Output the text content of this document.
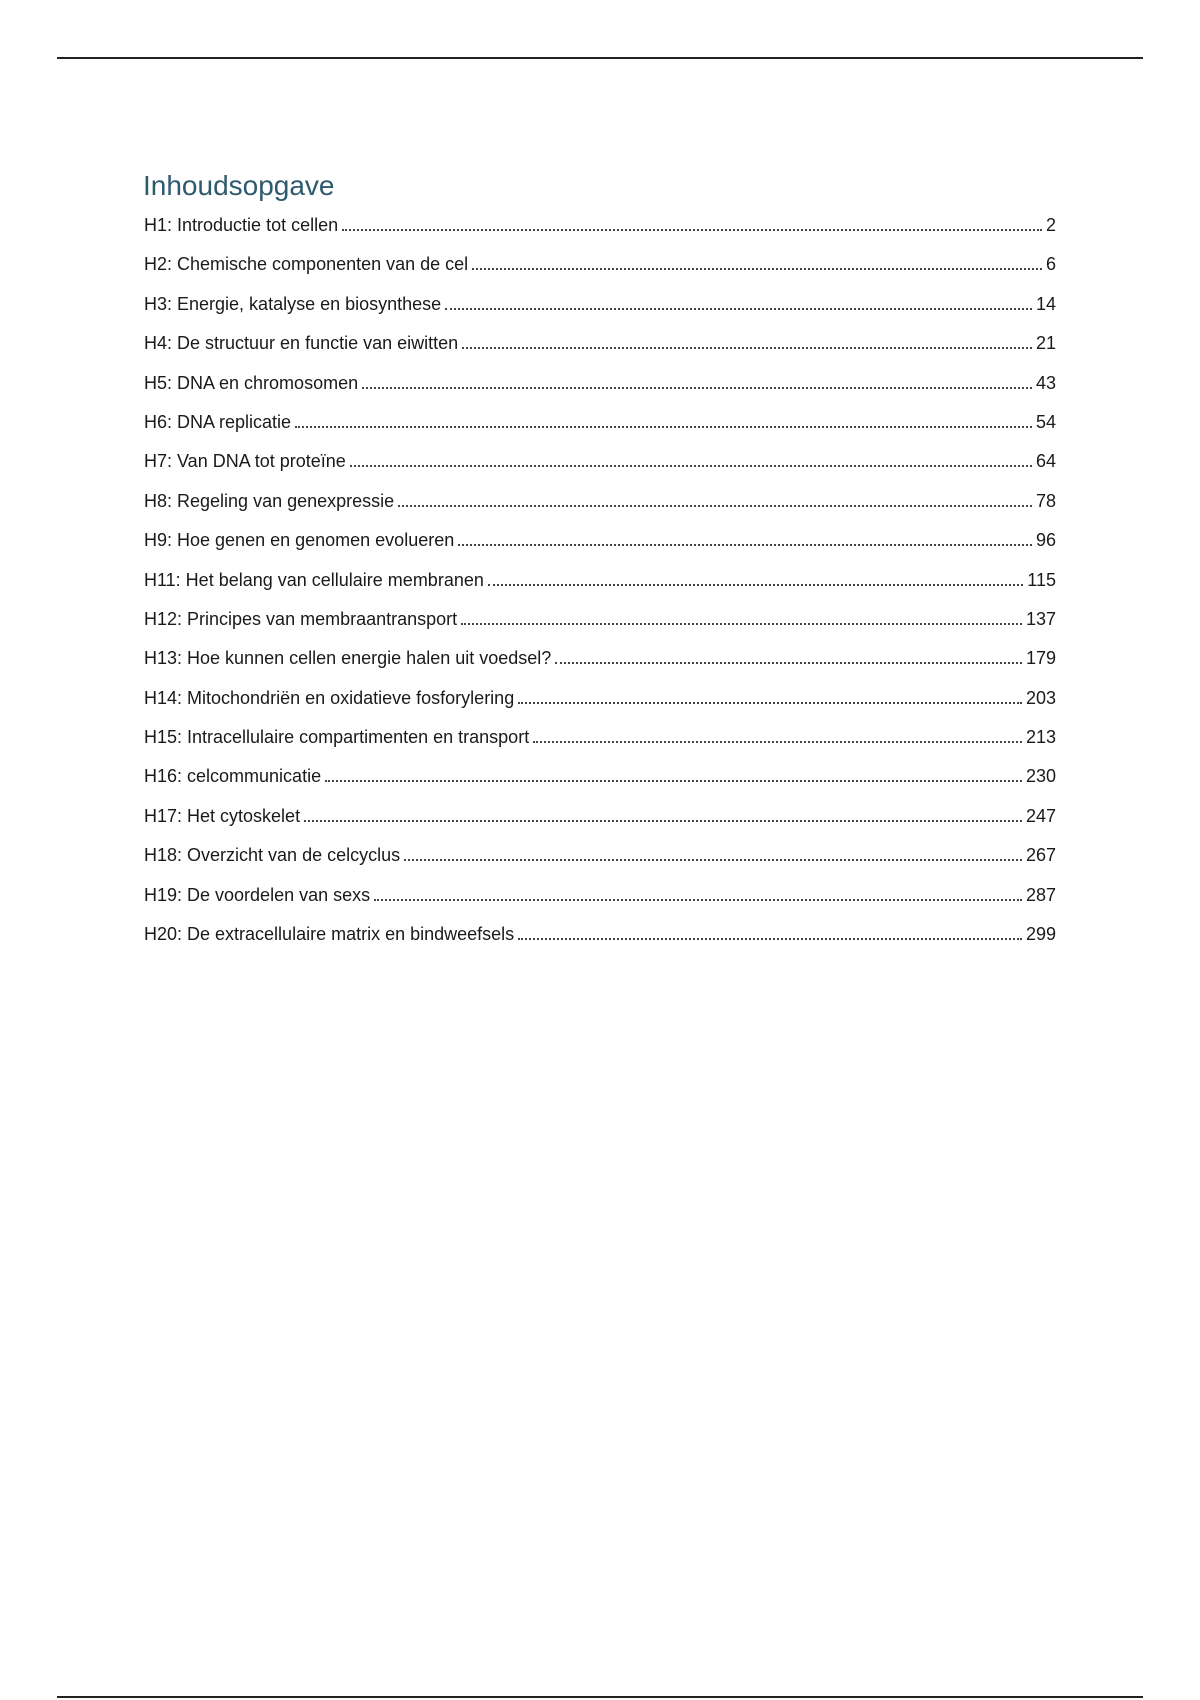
Inhoudsopgave
H1: Introductie tot cellen	2
H2: Chemische componenten van de cel	6
H3: Energie, katalyse en biosynthese	14
H4: De structuur en functie van eiwitten	21
H5: DNA en chromosomen	43
H6: DNA replicatie	54
H7: Van DNA tot proteïne	64
H8: Regeling van genexpressie	78
H9: Hoe genen en genomen evolueren	96
H11: Het belang van cellulaire membranen	115
H12: Principes van membraantransport	137
H13: Hoe kunnen cellen energie halen uit voedsel?	179
H14: Mitochondriën en oxidatieve fosforylering	203
H15: Intracellulaire compartimenten en transport	213
H16: celcommunicatie	230
H17: Het cytoskelet	247
H18: Overzicht van de celcyclus	267
H19: De voordelen van sexs	287
H20: De extracellulaire matrix en bindweefsels	299
